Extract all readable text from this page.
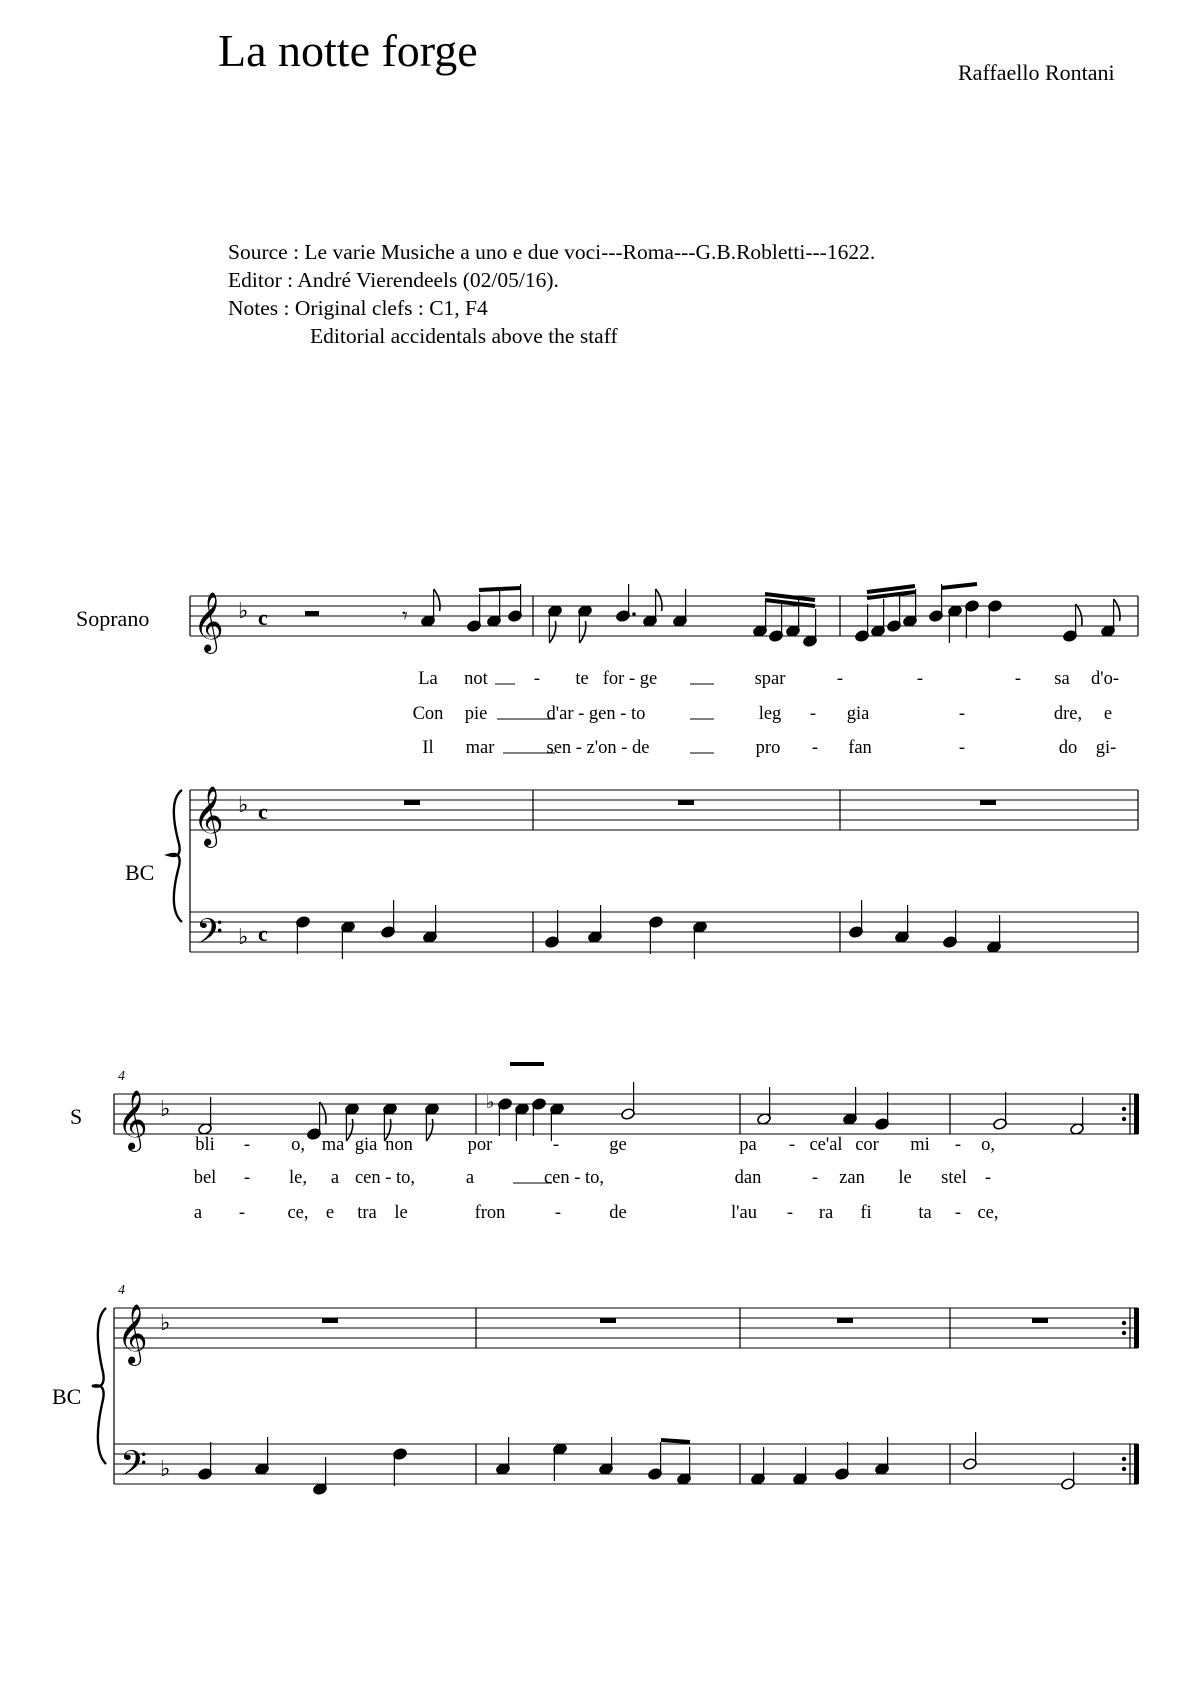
La notte forge	Raffaello Rontani
Source : Le varie Musiche a uno e due voci---Roma---G.B.Robletti---1622.
Editor : André Vierendeels (02/05/16).
Notes : Original clefs : C1, F4
Editorial accidentals above the staff
𝄞 ♭ c
𝄞 ♭ c
𝄢 ♭ c
Soprano
BC
𝄾
La not - te for - ge	spar	-	-	- sa d'o-
Con pie	d'ar - gen - to	leg - gia	-	dre, e
Il mar	sen - z'on - de	pro - fan	-	do gi-
𝄞 ♭
𝄞 ♭
𝄢 ♭
4
4
S
BC
♭
bli - o, ma gia non	por	-	ge	pa - ce'al cor mi - o,
bel - le, a cen - to,	a	cen - to,	dan	- zan le stel -
a - ce, e tra le	fron	-	de	l'au - ra fi	ta - ce,
